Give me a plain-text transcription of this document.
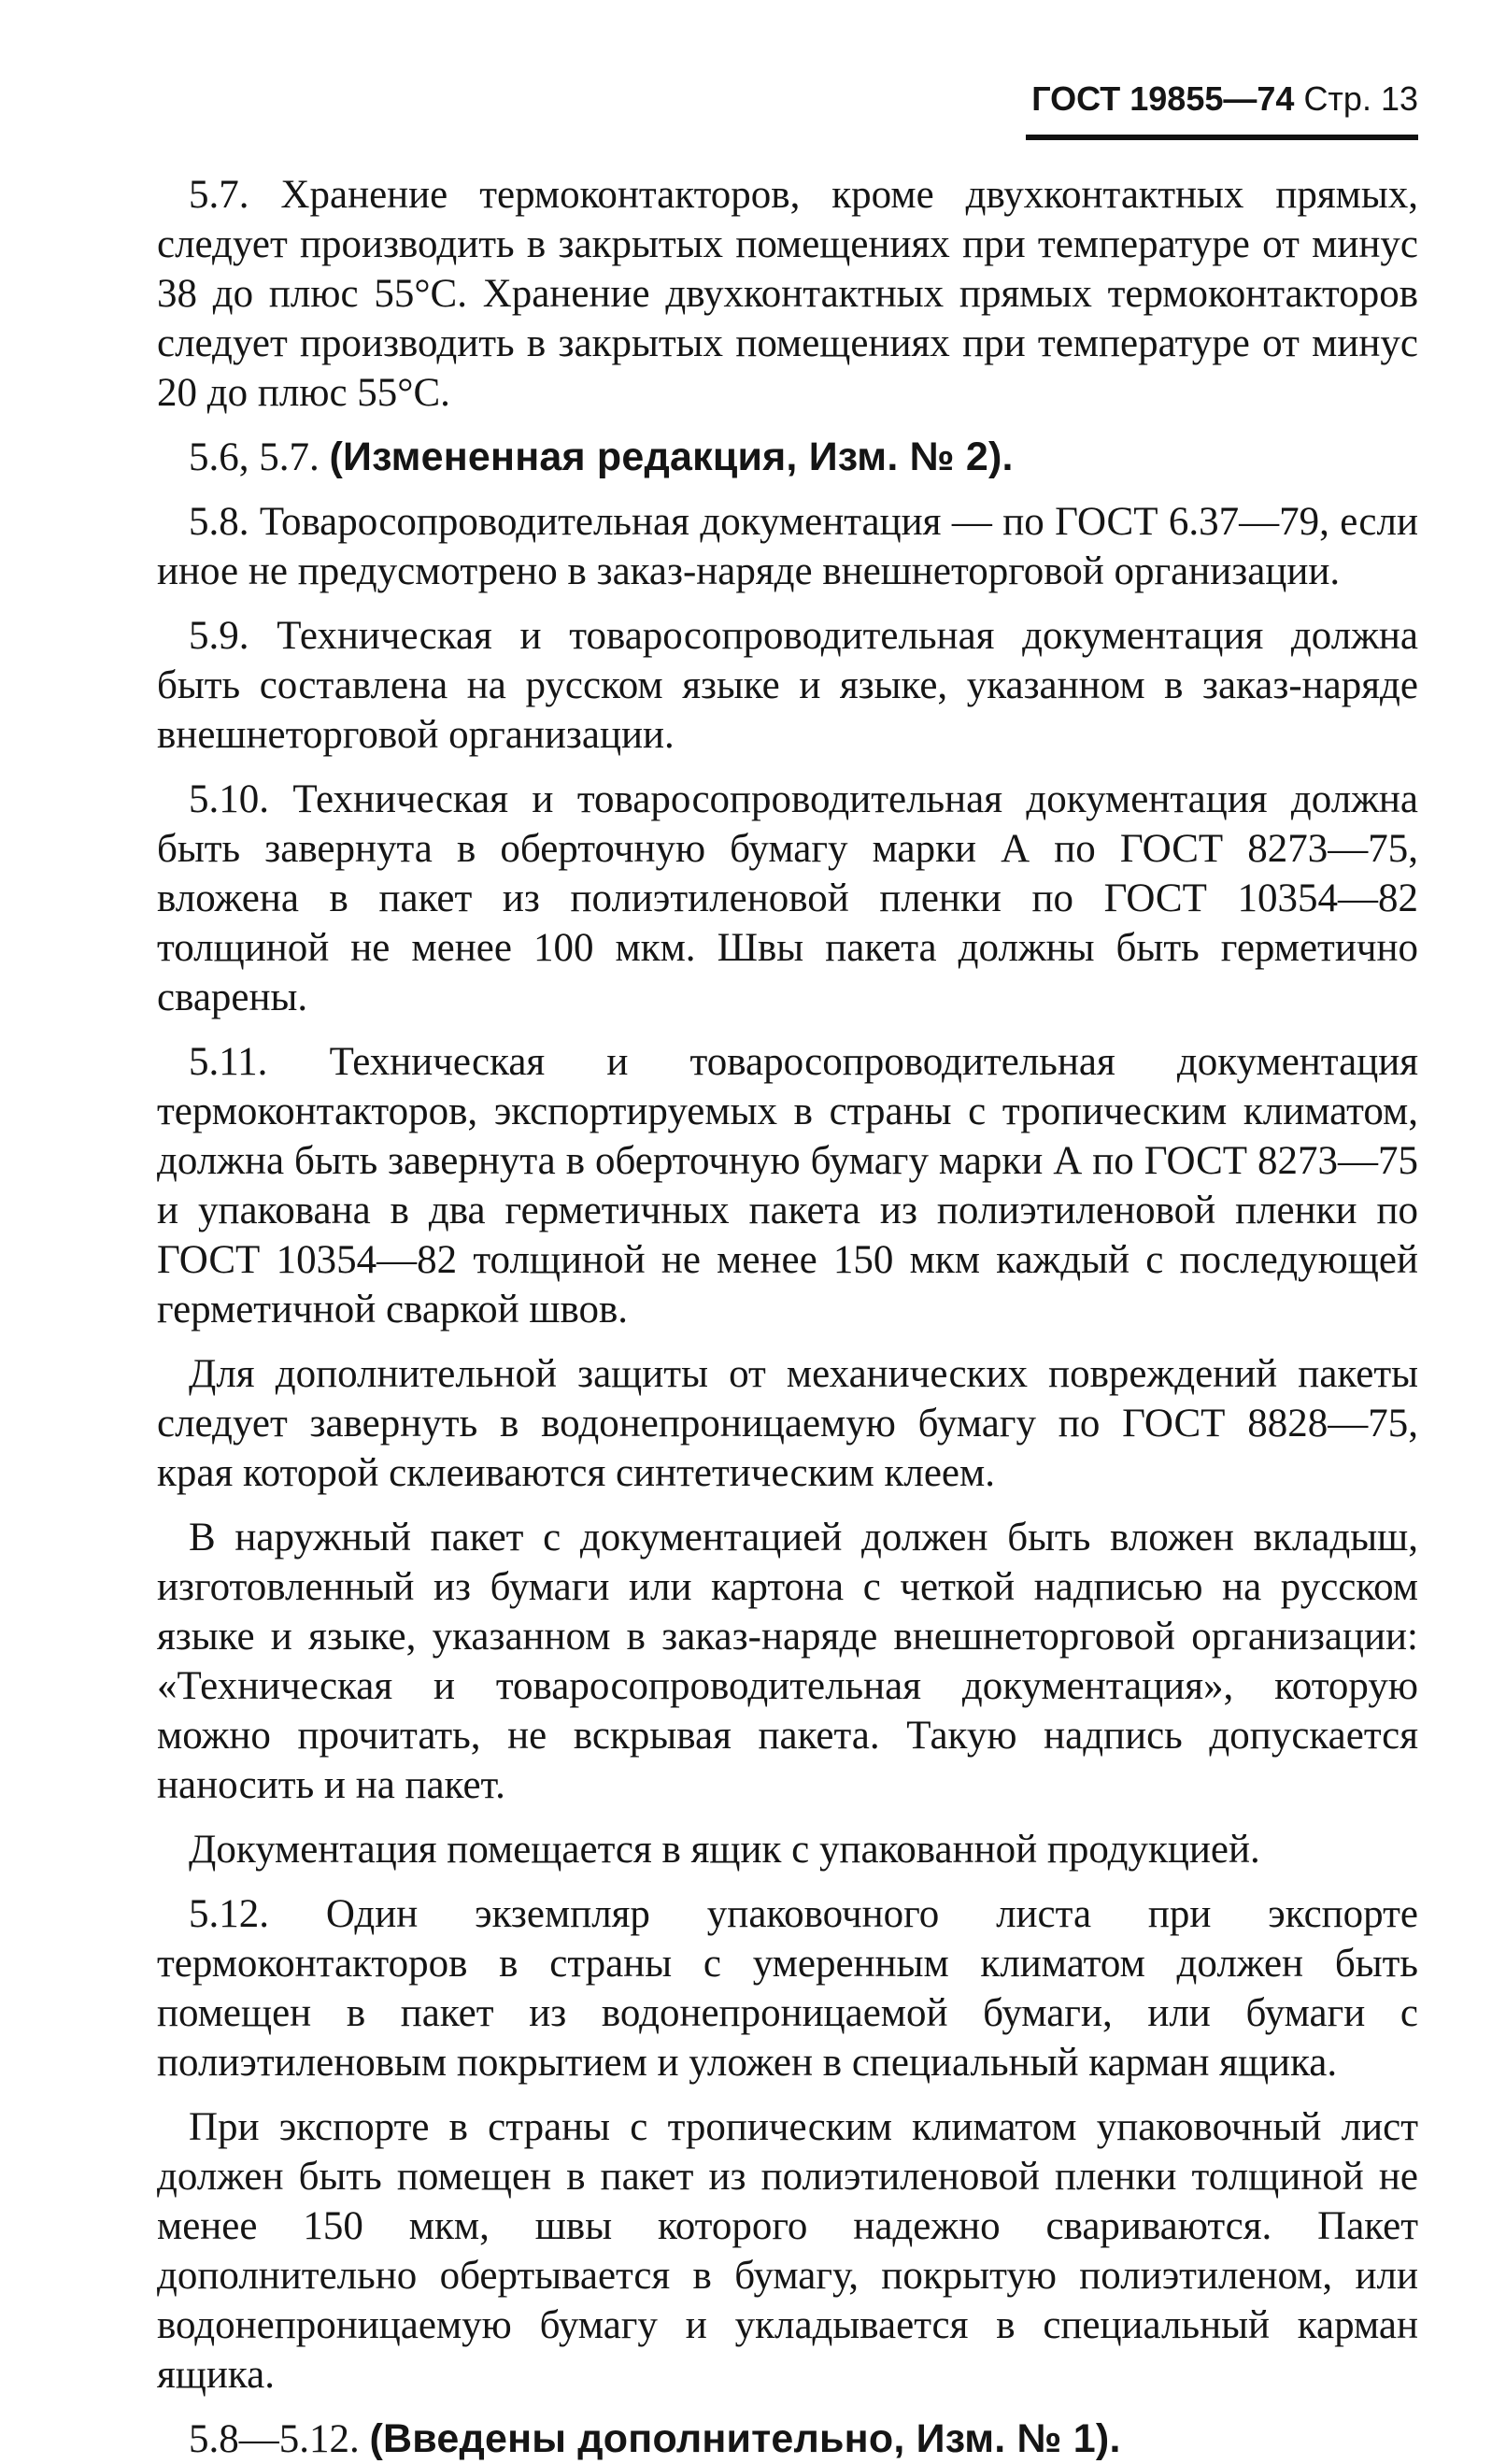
ГОСТ 19855—74 Стр. 13

5.7. Хранение термоконтакторов, кроме двухконтактных прямых, следует производить в закрытых помещениях при температуре от минус 38 до плюс 55°С. Хранение двухконтактных прямых термоконтакторов следует производить в закрытых помещениях при температуре от минус 20 до плюс 55°С.

5.6, 5.7. (Измененная редакция, Изм. № 2).

5.8. Товаросопроводительная документация — по ГОСТ 6.37—79, если иное не предусмотрено в заказ-наряде внешнеторговой организации.

5.9. Техническая и товаросопроводительная документация должна быть составлена на русском языке и языке, указанном в заказ-наряде внешнеторговой организации.

5.10. Техническая и товаросопроводительная документация должна быть завернута в оберточную бумагу марки А по ГОСТ 8273—75, вложена в пакет из полиэтиленовой пленки по ГОСТ 10354—82 толщиной не менее 100 мкм. Швы пакета должны быть герметично сварены.

5.11. Техническая и товаросопроводительная документация термоконтакторов, экспортируемых в страны с тропическим климатом, должна быть завернута в оберточную бумагу марки А по ГОСТ 8273—75 и упакована в два герметичных пакета из полиэтиленовой пленки по ГОСТ 10354—82 толщиной не менее 150 мкм каждый с последующей герметичной сваркой швов.

Для дополнительной защиты от механических повреждений пакеты следует завернуть в водонепроницаемую бумагу по ГОСТ 8828—75, края которой склеиваются синтетическим клеем.

В наружный пакет с документацией должен быть вложен вкладыш, изготовленный из бумаги или картона с четкой надписью на русском языке и языке, указанном в заказ-наряде внешнеторговой организации: «Техническая и товаросопроводительная документация», которую можно прочитать, не вскрывая пакета. Такую надпись допускается наносить и на пакет.

Документация помещается в ящик с упакованной продукцией.

5.12. Один экземпляр упаковочного листа при экспорте термоконтакторов в страны с умеренным климатом должен быть помещен в пакет из водонепроницаемой бумаги, или бумаги с полиэтиленовым покрытием и уложен в специальный карман ящика.

При экспорте в страны с тропическим климатом упаковочный лист должен быть помещен в пакет из полиэтиленовой пленки толщиной не менее 150 мкм, швы которого надежно свариваются. Пакет дополнительно обертывается в бумагу, покрытую полиэтиленом, или водонепроницаемую бумагу и укладывается в специальный карман ящика.

5.8—5.12. (Введены дополнительно, Изм. № 1).
